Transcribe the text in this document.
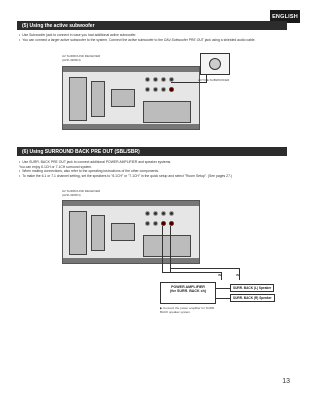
ENGLISH
(5) Using the active subwoofer
• Use Subwoofer jack to connect in case you had additional active subwoofer.
• You can connect a larger active subwoofer to the system. Connect the active subwoofer to the DAV-Subwoofer PRE OUT jack using a shielded audio cable.
AV SURROUND RECEIVER
(AVR-4308CI)
ACTIVE SUBWOOFER
(6) Using SURROUND BACK PRE OUT (SBL/SBR)
• Use SURR. BACK PRE OUT jack to connect additional POWER AMPLIFIER and speaker systems.
You can enjoy 6.1CH or 7.1CH surround system.
• When making connections, also refer to the operating instructions of the other components.
• To make the 6.1 or 7.1 channel setting, set the speakers to "6.1CH" or "7.1CH" in the quick setup and select "Room Setup". (See pages 27.)
AV SURROUND RECEIVER
(AVR-4308CI)
IN	IN
POWER AMPLIFIER
(for SURR. BACK ch)
SURR. BACK (L) Speaker
SURR. BACK (R) Speaker
▶ Connect the power amplifier for SURR.
BACK speaker system.
13
